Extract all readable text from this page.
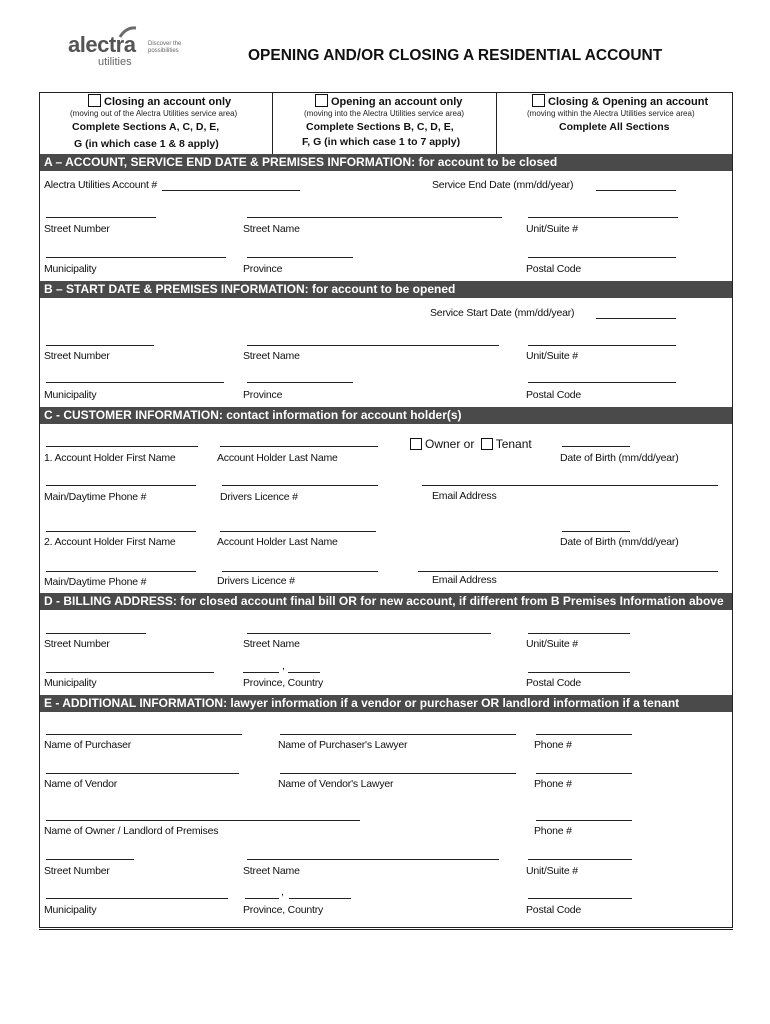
alectra
utilities
Discover the
possibilities	OPENING AND/OR CLOSING A RESIDENTIAL ACCOUNT
Closing an account only
(moving out of the Alectra Utilities service area)
Complete Sections A, C, D, E,
G (in which case 1 & 8 apply)
Opening an account only
(moving into the Alectra Utilities service area)
Complete Sections B, C, D, E,
F, G (in which case 1 to 7 apply)
Closing & Opening an account
(moving within the Alectra Utilities service area)
Complete All Sections
A – ACCOUNT, SERVICE END DATE & PREMISES INFORMATION: for account to be closed
Alectra Utilities Account #	Service End Date (mm/dd/year)
Street Number	Street Name	Unit/Suite #
Municipality	Province	Postal Code
B – START DATE & PREMISES INFORMATION: for account to be opened
Service Start Date (mm/dd/year)
Street Number	Street Name	Unit/Suite #
Municipality	Province	Postal Code
C - CUSTOMER INFORMATION: contact information for account holder(s)
Owner or Tenant
1. Account Holder First Name	Account Holder Last Name	Date of Birth (mm/dd/year)
Main/Daytime Phone #	Drivers Licence #	Email Address
2. Account Holder First Name	Account Holder Last Name	Date of Birth (mm/dd/year)
Main/Daytime Phone #	Drivers Licence #	Email Address
D - BILLING ADDRESS: for closed account final bill OR for new account, if different from B Premises Information above
Street Number	Street Name	Unit/Suite #
,
Municipality	Province, Country	Postal Code
E - ADDITIONAL INFORMATION: lawyer information if a vendor or purchaser OR landlord information if a tenant
Name of Purchaser	Name of Purchaser's Lawyer	Phone #
Name of Vendor	Name of Vendor's Lawyer	Phone #
Name of Owner / Landlord of Premises	Phone #
Street Number	Street Name	Unit/Suite #
,
Municipality	Province, Country	Postal Code
